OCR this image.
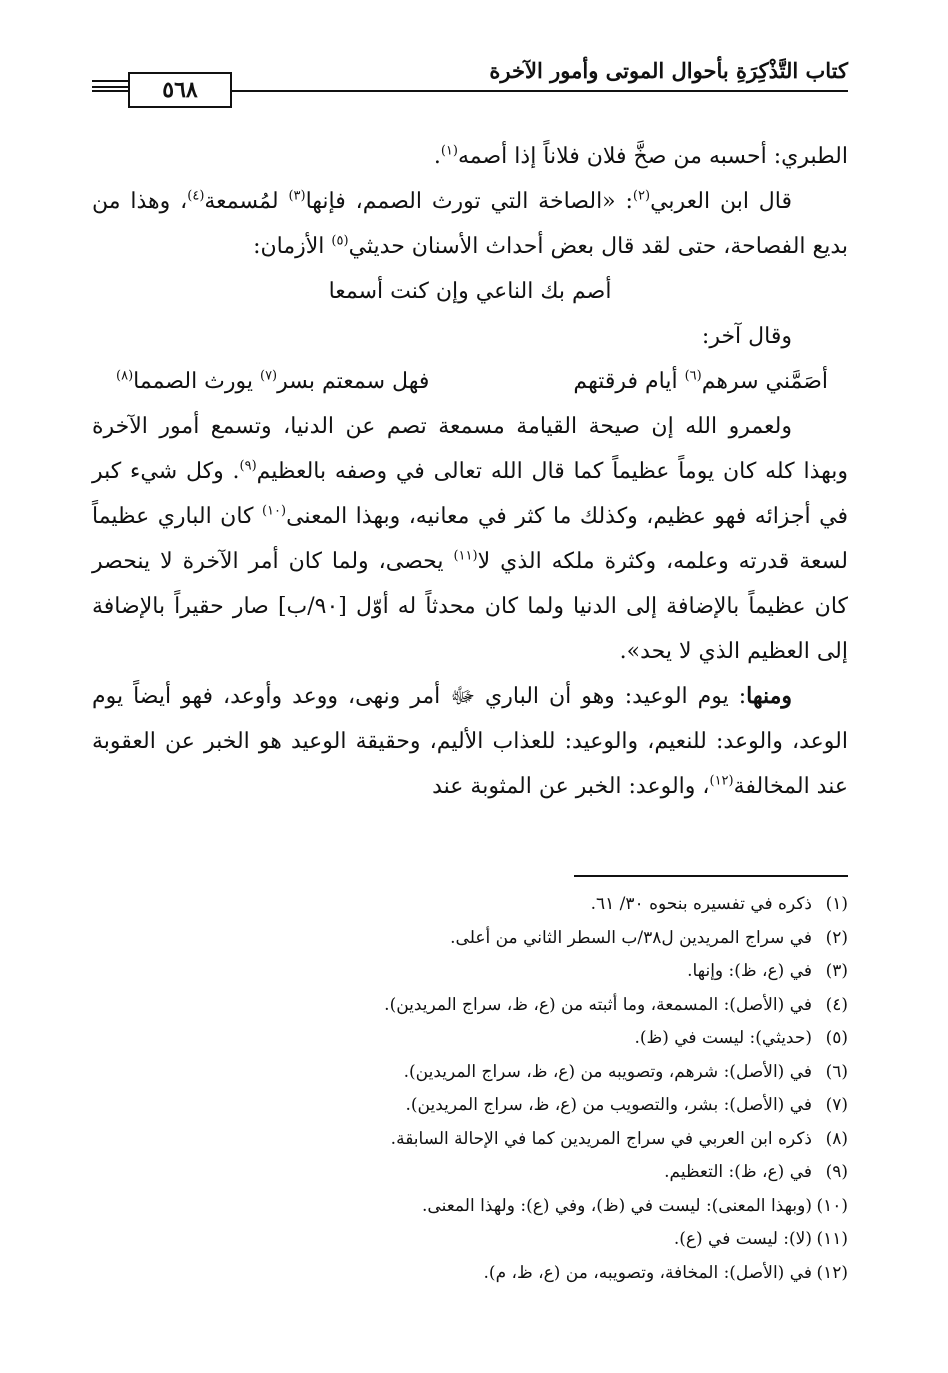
كتاب التَّذْكِرَةِ بأحوال الموتى وأمور الآخرة
٥٦٨

الطبري: أحسبه من صخَّ فلان فلاناً إذا أصمه$^{(١)}$.

قال ابن العربي$^{(٢)}$: «الصاخة التي تورث الصمم، فإنها$^{(٣)}$ لمُسمعة$^{(٤)}$، وهذا من بديع الفصاحة، حتى لقد قال بعض أحداث الأسنان حديثي$^{(٥)}$ الأزمان:

أصم بك الناعي وإن كنت أسمعا

وقال آخر:

أصَمَّني سرهم$^{(٦)}$ أيام فرقتهم
فهل سمعتم بسر$^{(٧)}$ يورث الصمما$^{(٨)}$

ولعمرو الله إن صيحة القيامة مسمعة تصم عن الدنيا، وتسمع أمور الآخرة وبهذا كله كان يوماً عظيماً كما قال الله تعالى في وصفه بالعظيم$^{(٩)}$. وكل شيء كبر في أجزائه فهو عظيم، وكذلك ما كثر في معانيه، وبهذا المعنى$^{(١٠)}$ كان الباري عظيماً لسعة قدرته وعلمه، وكثرة ملكه الذي لا$^{(١١)}$ يحصى، ولما كان أمر الآخرة لا ينحصر كان عظيماً بالإضافة إلى الدنيا ولما كان محدثاً له أوّل [٩٠/ب] صار حقيراً بالإضافة إلى العظيم الذي لا يحد».

ومنها: يوم الوعيد: وهو أن الباري ﷻ أمر ونهى، ووعد وأوعد، فهو أيضاً يوم الوعد، والوعد: للنعيم، والوعيد: للعذاب الأليم، وحقيقة الوعيد هو الخبر عن العقوبة عند المخالفة$^{(١٢)}$، والوعد: الخبر عن المثوبة عند

(١)ذكره في تفسيره بنحوه ٣٠/ ٦١.
(٢)في سراج المريدين ل٣٨/ب السطر الثاني من أعلى.
(٣)في (ع، ظ): وإنها.
(٤)في (الأصل): المسمعة، وما أثبته من (ع، ظ، سراج المريدين).
(٥)(حديثي): ليست في (ظ).
(٦)في (الأصل): شرهم، وتصويبه من (ع، ظ، سراج المريدين).
(٧)في (الأصل): بشر، والتصويب من (ع، ظ، سراج المريدين).
(٨)ذكره ابن العربي في سراج المريدين كما في الإحالة السابقة.
(٩)في (ع، ظ): التعظيم.
(١٠)(وبهذا المعنى): ليست في (ظ)، وفي (ع): ولهذا المعنى.
(١١)(لا): ليست في (ع).
(١٢)في (الأصل): المخافة، وتصويبه، من (ع، ظ، م).
